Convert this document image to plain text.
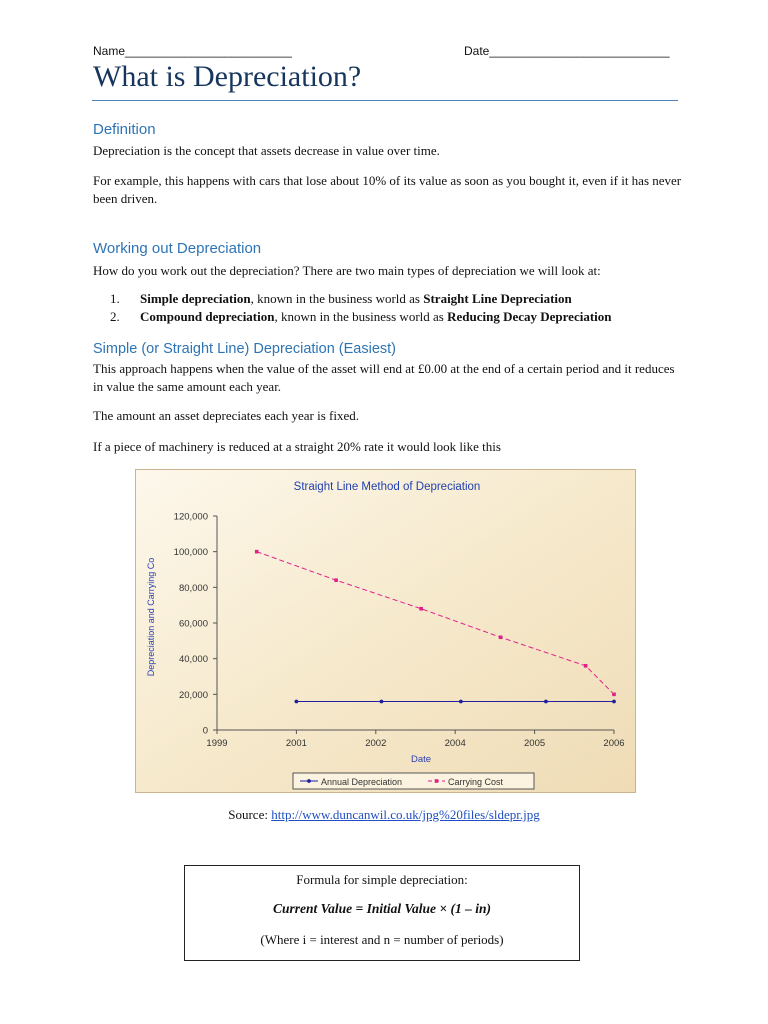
Name_________________________	Date___________________________
What is Depreciation?
Definition
Depreciation is the concept that assets decrease in value over time.
For example, this happens with cars that lose about 10% of its value as soon as you bought it, even if it has never been driven.
Working out Depreciation
How do you work out the depreciation? There are two main types of depreciation we will look at:
1. Simple depreciation, known in the business world as Straight Line Depreciation
2. Compound depreciation, known in the business world as Reducing Decay Depreciation
Simple (or Straight Line) Depreciation (Easiest)
This approach happens when the value of the asset will end at £0.00 at the end of a certain period and it reduces in value the same amount each year.
The amount an asset depreciates each year is fixed.
If a piece of machinery is reduced at a straight 20% rate it would look like this
Straight Line Method of Depreciation
Depreciation and Carrying Co
Date
0
20,000
40,000
60,000
80,000
100,000
120,000
1999	2001	2002	2004	2005	2006
Annual Depreciation	Carrying Cost
Source: http://www.duncanwil.co.uk/jpg%20files/sldepr.jpg
Formula for simple depreciation:
Current Value = Initial Value × (1 – in)
(Where i = interest and n = number of periods)
